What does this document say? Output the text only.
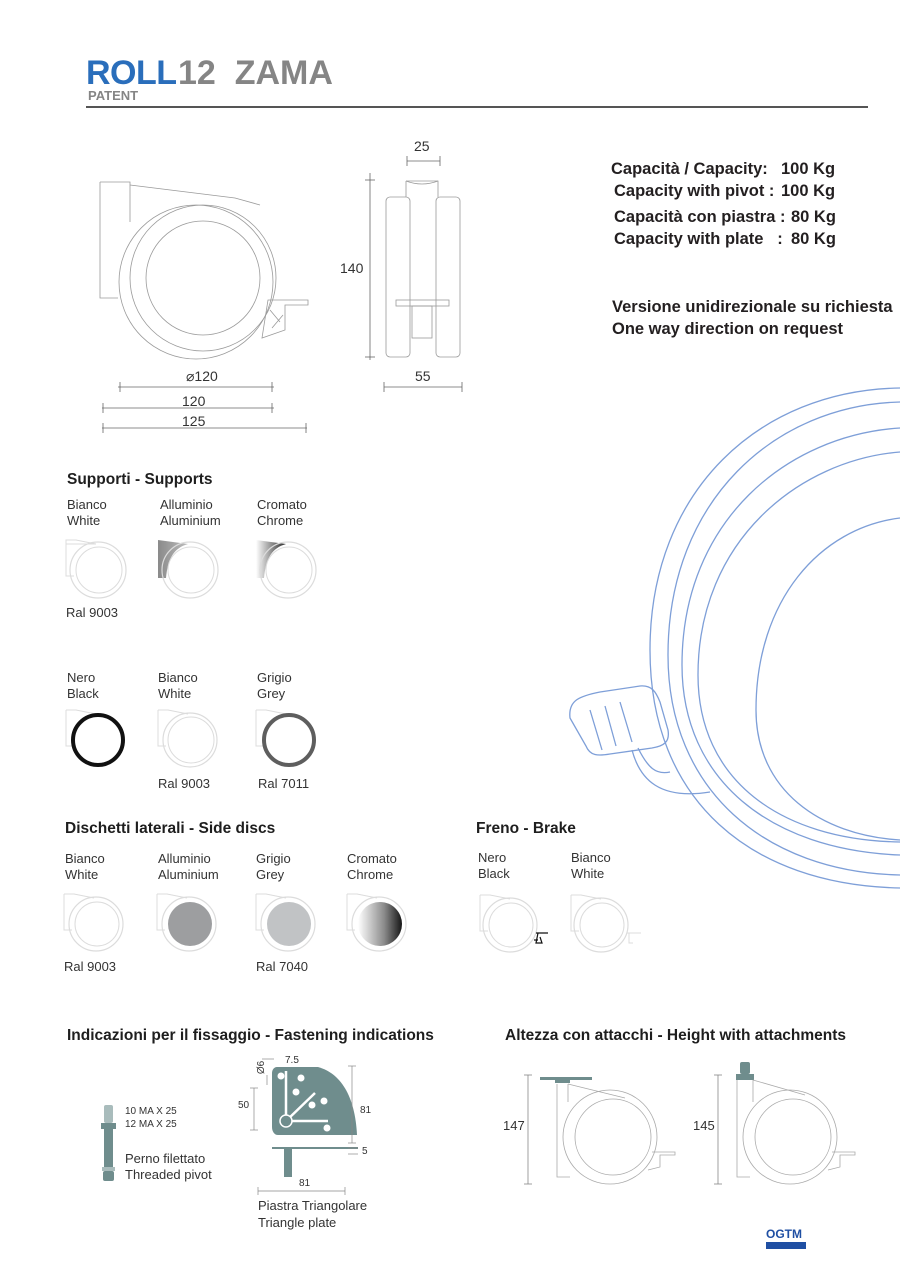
ROLL 12  ZAMA
PATENT
25
140
55
⌀120
120
125
Capacità / Capacity: 100 Kg
Capacity with pivot : 100 Kg
Capacità con piastra : 80 Kg
Capacity with plate   : 80 Kg
Versione unidirezionale su richiesta
One way direction on request
Supporti - Supports
Bianco
White
Alluminio
Aluminium
Cromato
Chrome
Ral 9003
Nero
Black
Bianco
White
Grigio
Grey
Ral 9003	Ral 7011
Dischetti laterali - Side discs
Bianco
White
Alluminio
Aluminium
Grigio
Grey
Cromato
Chrome
Ral 9003	Ral 7040
Freno - Brake
Nero
Black
Bianco
White
Indicazioni per il fissaggio - Fastening indications
10 MA X 25
12 MA X 25
Perno filettato
Threaded pivot
Ø6
7.5
50	81
5
81
Piastra Triangolare
Triangle plate
Altezza con attacchi - Height with attachments
147	145
OGTM
